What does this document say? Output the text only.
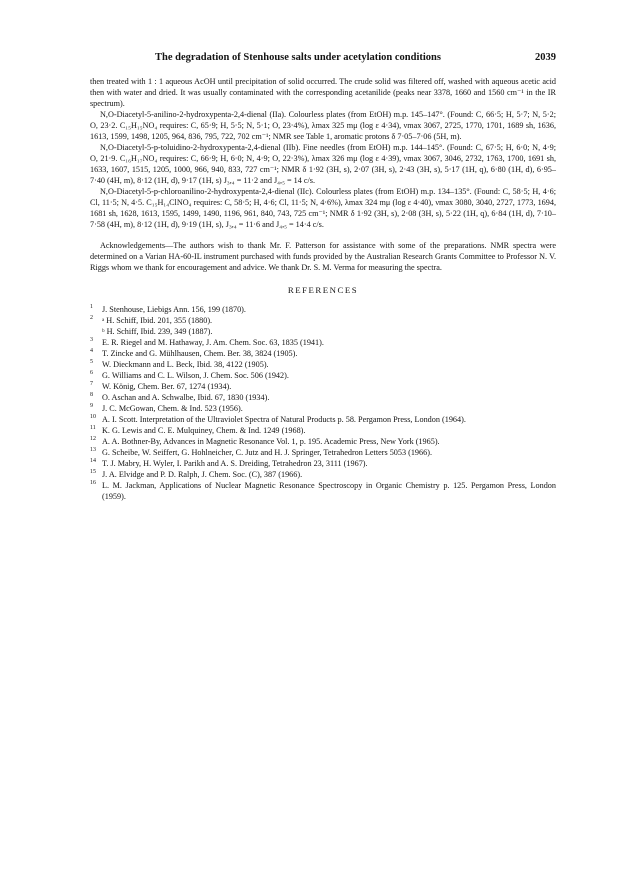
The degradation of Stenhouse salts under acetylation conditions	2039

then treated with 1 : 1 aqueous AcOH until precipitation of solid occurred. The crude solid was filtered off, washed with aqueous acetic acid then with water and dried. It was usually contaminated with the corresponding acetanilide (peaks near 3378, 1660 and 1560 cm⁻¹ in the IR spectrum).

N,O-Diacetyl-5-anilino-2-hydroxypenta-2,4-dienal (IIa). Colourless plates (from EtOH) m.p. 145–147°. (Found: C, 66·5; H, 5·7; N, 5·2; O, 23·2. C₁₅H₁₅NO₄ requires: C, 65·9; H, 5·5; N, 5·1; O, 23·4%), λmax 325 mμ (log ε 4·34), νmax 3067, 2725, 1770, 1701, 1689 sh, 1636, 1613, 1599, 1498, 1205, 964, 836, 795, 722, 702 cm⁻¹; NMR see Table 1, aromatic protons δ 7·05–7·06 (5H, m).

N,O-Diacetyl-5-p-toluidino-2-hydroxypenta-2,4-dienal (IIb). Fine needles (from EtOH) m.p. 144–145°. (Found: C, 67·5; H, 6·0; N, 4·9; O, 21·9. C₁₆H₁₇NO₄ requires: C, 66·9; H, 6·0; N, 4·9; O, 22·3%), λmax 326 mμ (log ε 4·39), νmax 3067, 3046, 2732, 1763, 1700, 1691 sh, 1633, 1607, 1515, 1205, 1000, 966, 940, 833, 727 cm⁻¹; NMR δ 1·92 (3H, s), 2·07 (3H, s), 2·43 (3H, s), 5·17 (1H, q), 6·80 (1H, d), 6·95–7·40 (4H, m), 8·12 (1H, d), 9·17 (1H, s) J₃,₄ = 11·2 and J₄,₅ = 14 c/s.

N,O-Diacetyl-5-p-chloroanilino-2-hydroxypenta-2,4-dienal (IIc). Colourless plates (from EtOH) m.p. 134–135°. (Found: C, 58·5; H, 4·6; Cl, 11·5; N, 4·5. C₁₅H₁₄ClNO₄ requires: C, 58·5; H, 4·6; Cl, 11·5; N, 4·6%), λmax 324 mμ (log ε 4·40), νmax 3080, 3040, 2727, 1773, 1694, 1681 sh, 1628, 1613, 1595, 1499, 1490, 1196, 961, 840, 743, 725 cm⁻¹; NMR δ 1·92 (3H, s), 2·08 (3H, s), 5·22 (1H, q), 6·84 (1H, d), 7·10–7·58 (4H, m), 8·12 (1H, d), 9·19 (1H, s), J₃,₄ = 11·6 and J₄,₅ = 14·4 c/s.

Acknowledgements—The authors wish to thank Mr. F. Patterson for assistance with some of the preparations. NMR spectra were determined on a Varian HA-60-IL instrument purchased with funds provided by the Australian Research Grants Committee to Professor N. V. Riggs whom we thank for encouragement and advice. We thank Dr. S. M. Verma for measuring the spectra.

REFERENCES
1 J. Stenhouse, Liebigs Ann. 156, 199 (1870).
2 ᵃ H. Schiff, Ibid. 201, 355 (1880).
ᵇ H. Schiff, Ibid. 239, 349 (1887).
3 E. R. Riegel and M. Hathaway, J. Am. Chem. Soc. 63, 1835 (1941).
4 T. Zincke and G. Mühlhausen, Chem. Ber. 38, 3824 (1905).
5 W. Dieckmann and L. Beck, Ibid. 38, 4122 (1905).
6 G. Williams and C. L. Wilson, J. Chem. Soc. 506 (1942).
7 W. König, Chem. Ber. 67, 1274 (1934).
8 O. Aschan and A. Schwalbe, Ibid. 67, 1830 (1934).
9 J. C. McGowan, Chem. & Ind. 523 (1956).
10 A. I. Scott. Interpretation of the Ultraviolet Spectra of Natural Products p. 58. Pergamon Press, London (1964).
11 K. G. Lewis and C. E. Mulquiney, Chem. & Ind. 1249 (1968).
12 A. A. Bothner-By, Advances in Magnetic Resonance Vol. 1, p. 195. Academic Press, New York (1965).
13 G. Scheibe, W. Seiffert, G. Hohlneicher, C. Jutz and H. J. Springer, Tetrahedron Letters 5053 (1966).
14 T. J. Mabry, H. Wyler, I. Parikh and A. S. Dreiding, Tetrahedron 23, 3111 (1967).
15 J. A. Elvidge and P. D. Ralph, J. Chem. Soc. (C), 387 (1966).
16 L. M. Jackman, Applications of Nuclear Magnetic Resonance Spectroscopy in Organic Chemistry p. 125. Pergamon Press, London (1959).
